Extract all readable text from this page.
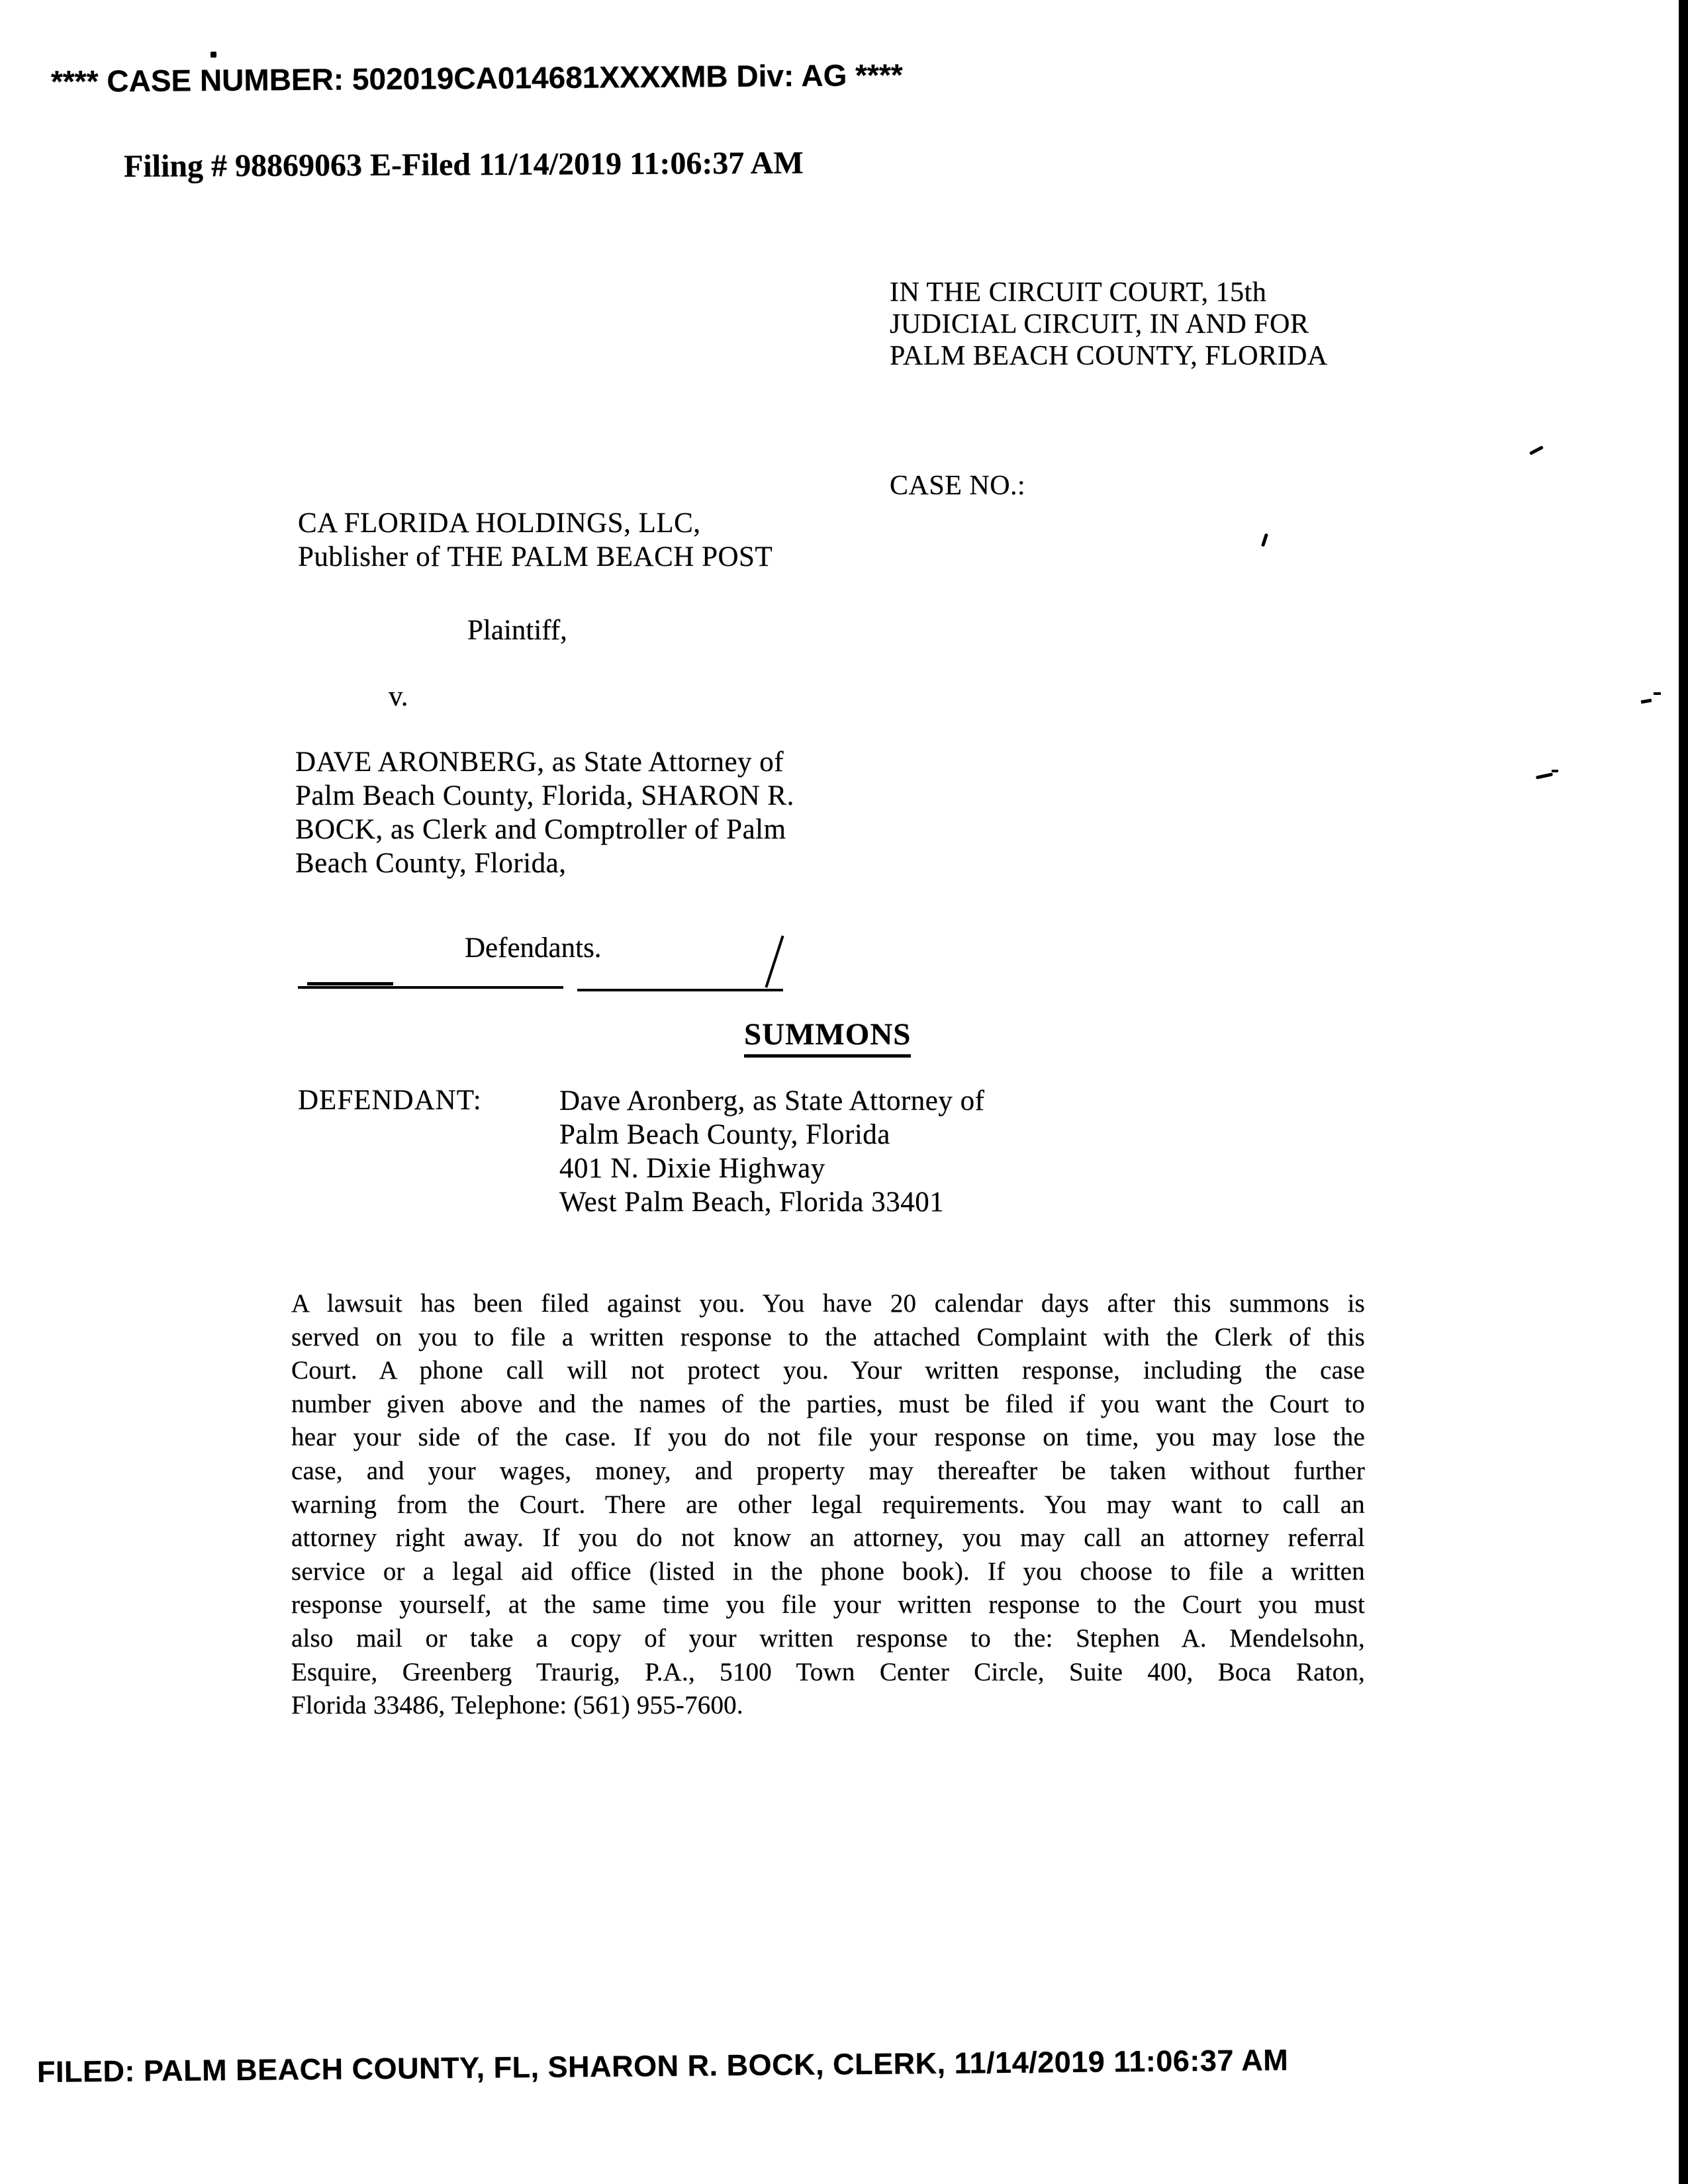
**** CASE NUMBER: 502019CA014681XXXXMB Div: AG ****
Filing # 98869063 E-Filed 11/14/2019 11:06:37 AM
IN THE CIRCUIT COURT, 15th
JUDICIAL CIRCUIT, IN AND FOR
PALM BEACH COUNTY, FLORIDA
CASE NO.:
CA FLORIDA HOLDINGS, LLC,
Publisher of THE PALM BEACH POST
Plaintiff,
v.
DAVE ARONBERG, as State Attorney of
Palm Beach County, Florida, SHARON R.
BOCK, as Clerk and Comptroller of Palm
Beach County, Florida,
Defendants.
SUMMONS
DEFENDANT:	Dave Aronberg, as State Attorney of
Palm Beach County, Florida
401 N. Dixie Highway
West Palm Beach, Florida 33401
A lawsuit has been filed against you. You have 20 calendar days after this summons is
served on you to file a written response to the attached Complaint with the Clerk of this
Court. A phone call will not protect you. Your written response, including the case
number given above and the names of the parties, must be filed if you want the Court to
hear your side of the case. If you do not file your response on time, you may lose the
case, and your wages, money, and property may thereafter be taken without further
warning from the Court. There are other legal requirements. You may want to call an
attorney right away. If you do not know an attorney, you may call an attorney referral
service or a legal aid office (listed in the phone book). If you choose to file a written
response yourself, at the same time you file your written response to the Court you must
also mail or take a copy of your written response to the: Stephen A. Mendelsohn,
Esquire, Greenberg Traurig, P.A., 5100 Town Center Circle, Suite 400, Boca Raton,
Florida 33486, Telephone: (561) 955-7600.
FILED: PALM BEACH COUNTY, FL, SHARON R. BOCK, CLERK, 11/14/2019 11:06:37 AM
